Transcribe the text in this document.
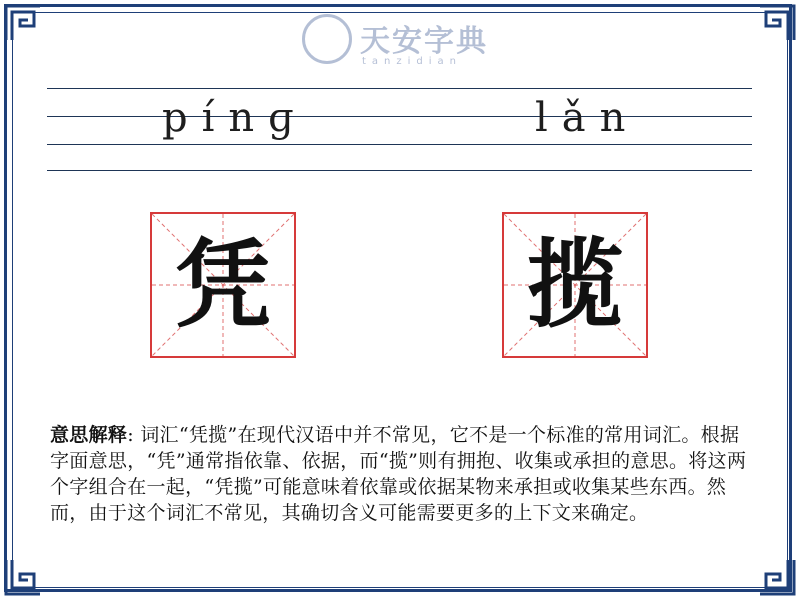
天安字典
tanzidian
pínɡ	lǎn
凭	揽
意思解释: 词汇“凭揽”在现代汉语中并不常见，它不是一个标准的常用词汇。根据字面意思，“凭”通常指依靠、依据，而“揽”则有拥抱、收集或承担的意思。将这两个字组合在一起，“凭揽”可能意味着依靠或依据某物来承担或收集某些东西。然而，由于这个词汇不常见，其确切含义可能需要更多的上下文来确定。
